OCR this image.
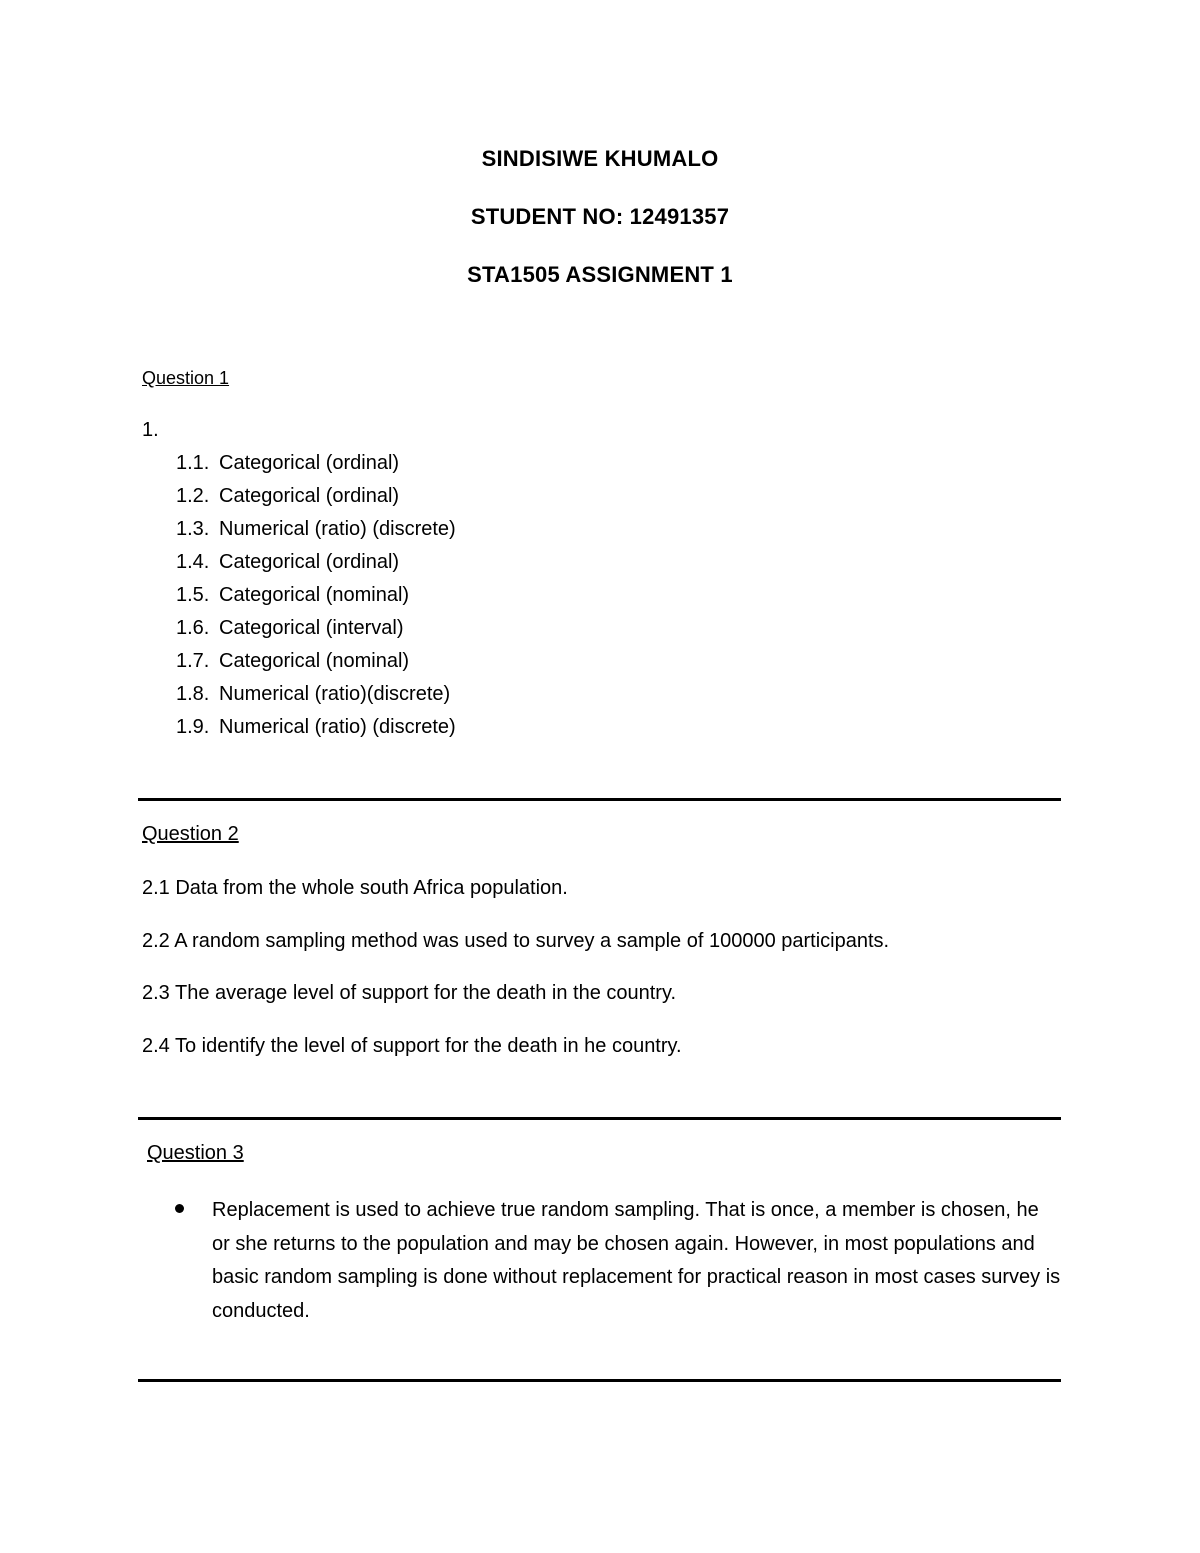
SINDISIWE KHUMALO
STUDENT NO: 12491357
STA1505 ASSIGNMENT 1
Question 1
1.
1.1. Categorical (ordinal)
1.2. Categorical (ordinal)
1.3. Numerical (ratio) (discrete)
1.4. Categorical (ordinal)
1.5. Categorical (nominal)
1.6. Categorical (interval)
1.7. Categorical (nominal)
1.8. Numerical (ratio)(discrete)
1.9. Numerical (ratio) (discrete)
Question 2
2.1 Data from the whole south Africa population.
2.2 A random sampling method was used to survey a sample of 100000 participants.
2.3 The average level of support for the death in the country.
2.4 To identify the level of support for the death in he country.
Question 3
Replacement is used to achieve true random sampling. That is once, a member is chosen, he or she returns to the population and may be chosen again. However, in most populations and basic random sampling is done without replacement for practical reason in most cases survey is conducted.
